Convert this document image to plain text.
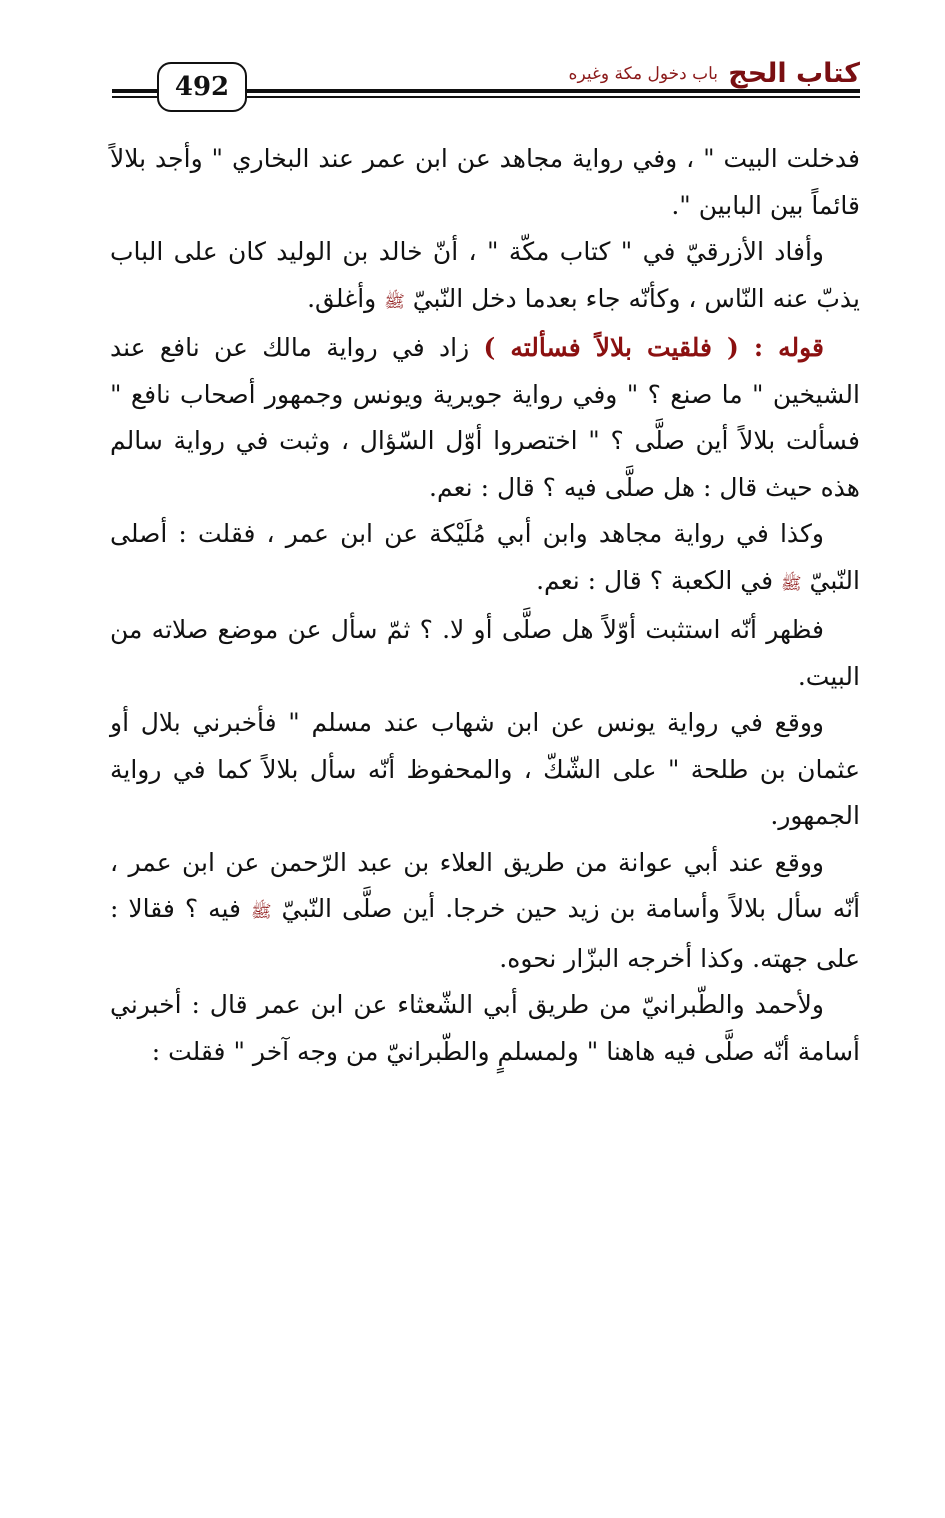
كتاب الحج
باب دخول مكة وغيره
492

فدخلت البيت " ، وفي رواية مجاهد عن ابن عمر عند البخاري " وأجد بلالاً قائماً بين البابين ".

وأفاد الأزرقيّ في " كتاب مكّة " ، أنّ خالد بن الوليد كان على الباب يذبّ عنه النّاس ، وكأنّه جاء بعدما دخل النّبيّ ﷺ وأغلق.

قوله : ( فلقيت بلالاً فسألته ) زاد في رواية مالك عن نافع عند الشيخين " ما صنع ؟ " وفي رواية جويرية ويونس وجمهور أصحاب نافع " فسألت بلالاً أين صلَّى ؟ " اختصروا أوّل السّؤال ، وثبت في رواية سالم هذه حيث قال : هل صلَّى فيه ؟ قال : نعم.

وكذا في رواية مجاهد وابن أبي مُلَيْكة عن ابن عمر ، فقلت : أصلى النّبيّ ﷺ في الكعبة ؟ قال : نعم.

فظهر أنّه استثبت أوّلاً هل صلَّى أو لا. ؟ ثمّ سأل عن موضع صلاته من البيت.

ووقع في رواية يونس عن ابن شهاب عند مسلم " فأخبرني بلال أو عثمان بن طلحة " على الشّكّ ، والمحفوظ أنّه سأل بلالاً كما في رواية الجمهور.

ووقع عند أبي عوانة من طريق العلاء بن عبد الرّحمن عن ابن عمر ، أنّه سأل بلالاً وأسامة بن زيد حين خرجا. أين صلَّى النّبيّ ﷺ فيه ؟ فقالا : على جهته. وكذا أخرجه البزّار نحوه.

ولأحمد والطّبرانيّ من طريق أبي الشّعثاء عن ابن عمر قال : أخبرني أسامة أنّه صلَّى فيه هاهنا " ولمسلمٍ والطّبرانيّ من وجه آخر " فقلت :
